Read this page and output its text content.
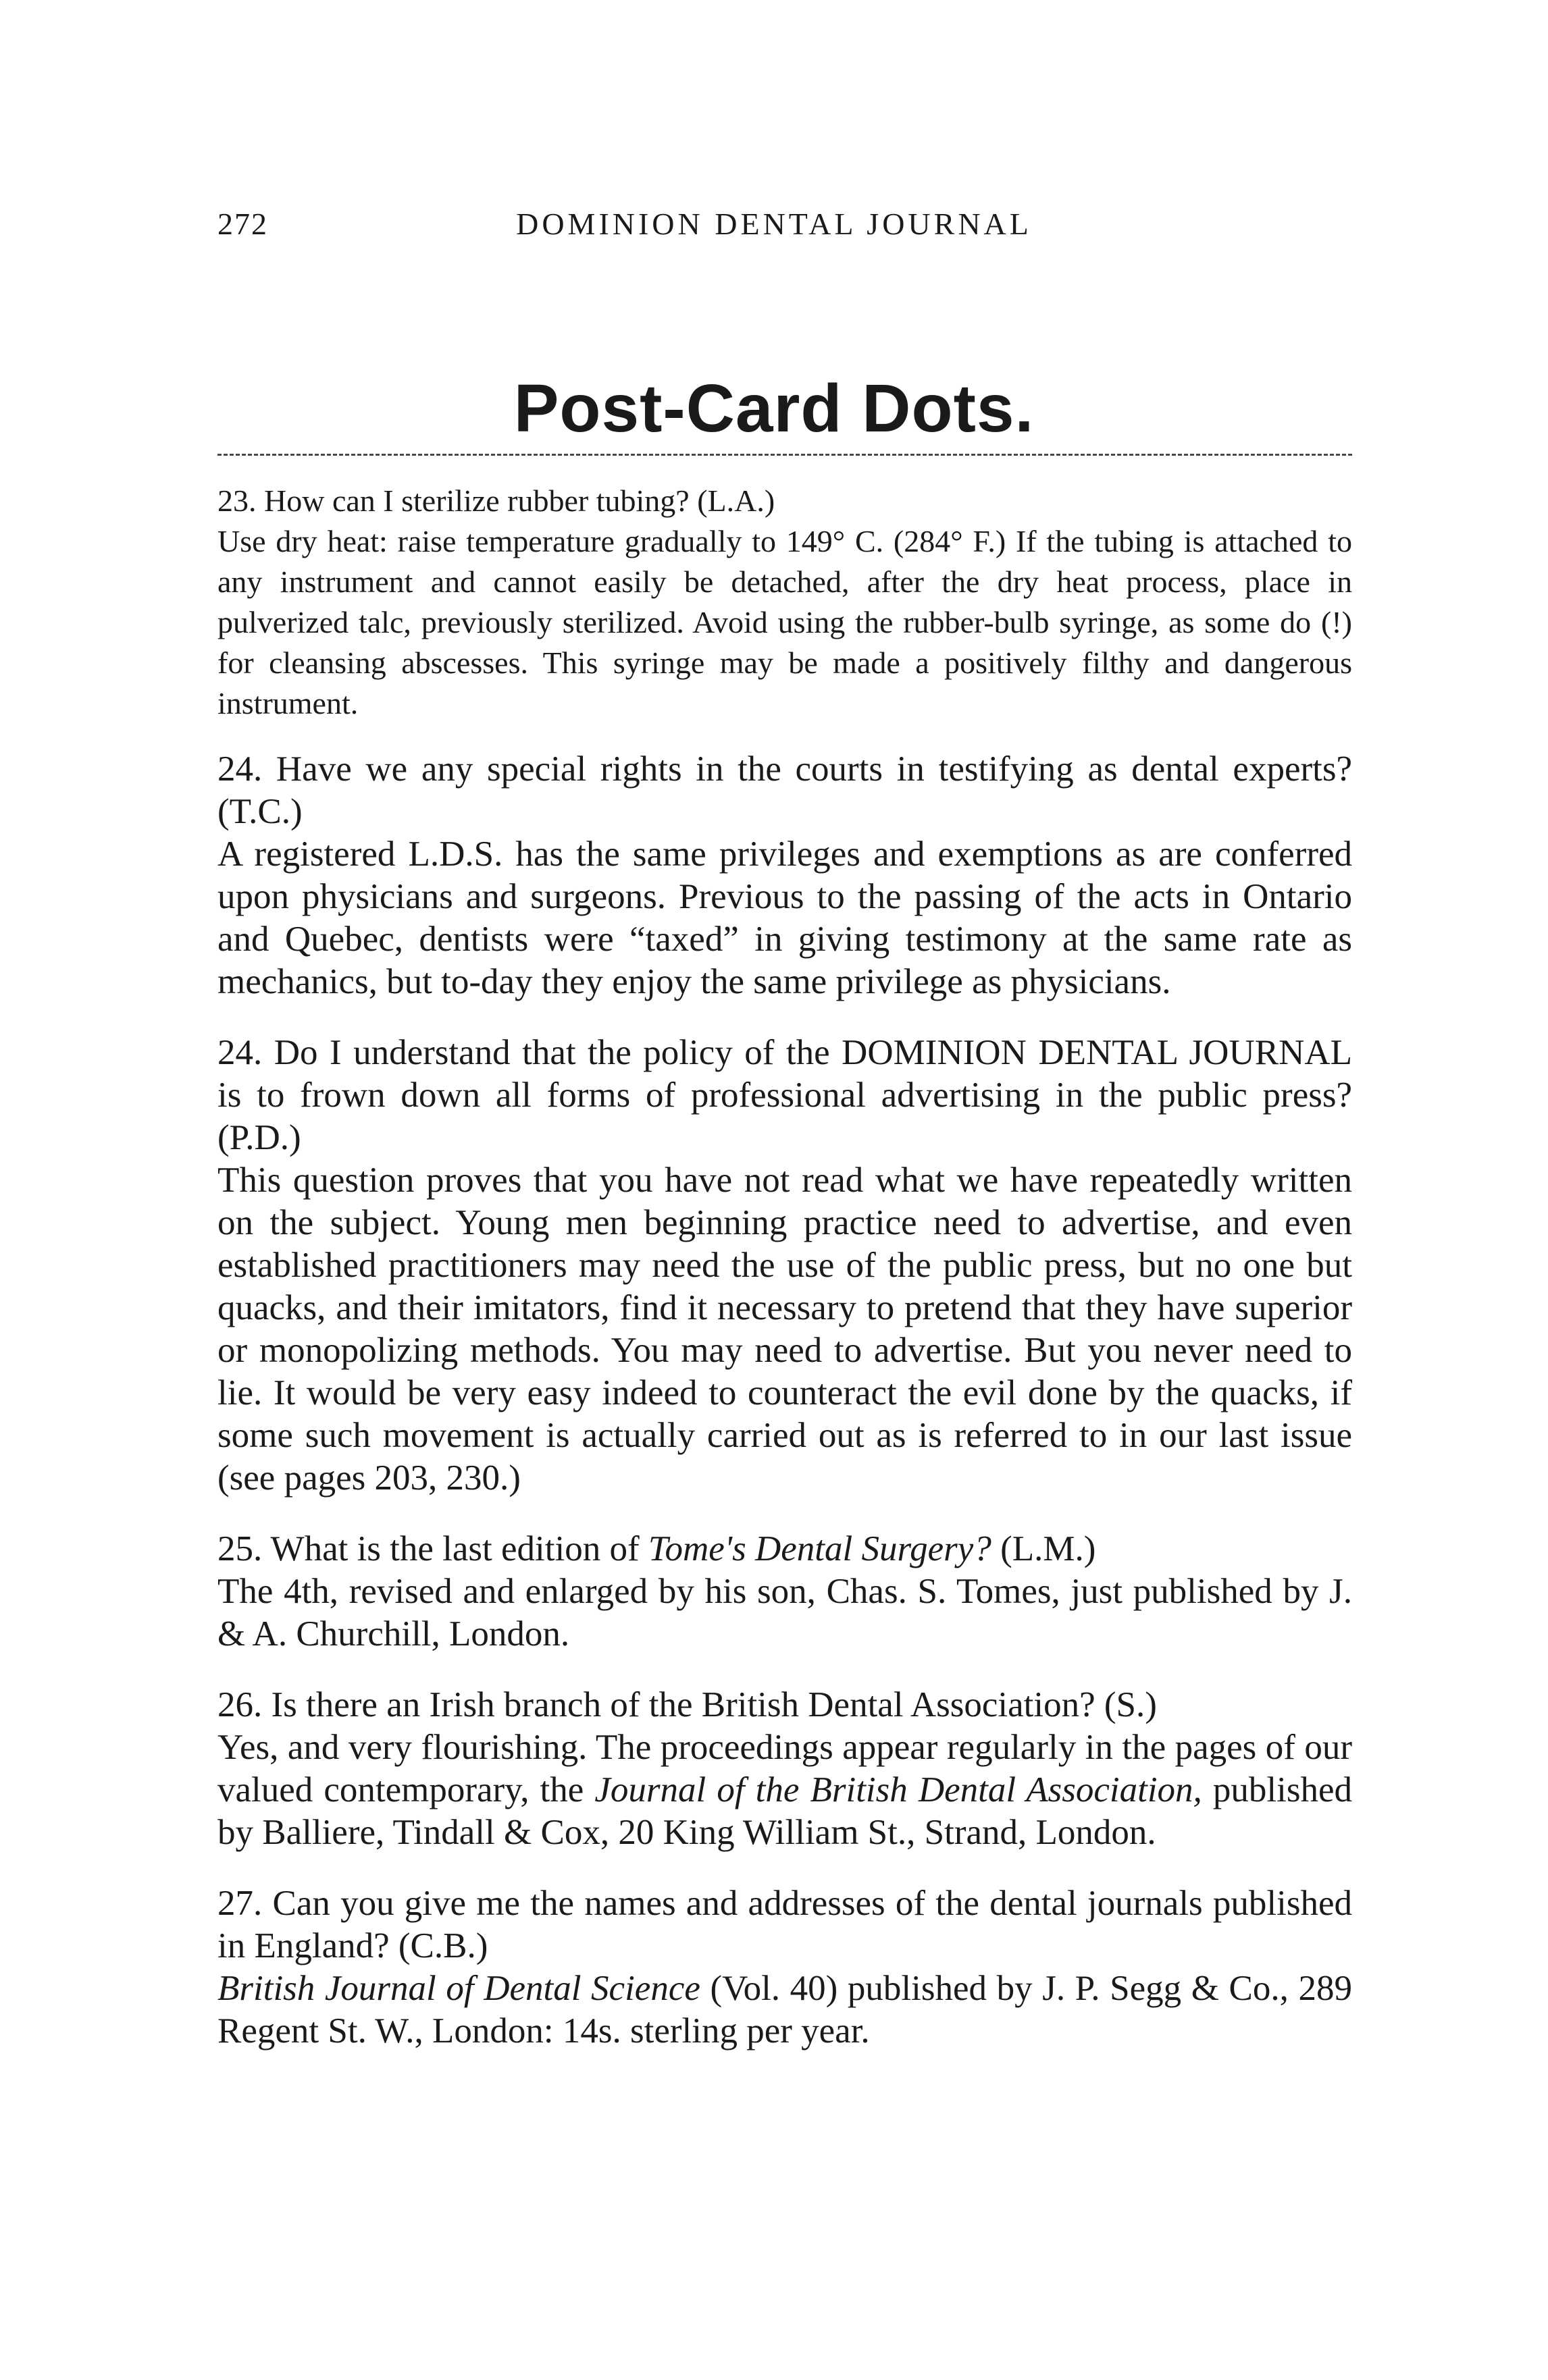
272	DOMINION DENTAL JOURNAL
Post-Card Dots.

23. How can I sterilize rubber tubing? (L.A.)

Use dry heat: raise temperature gradually to 149° C. (284° F.) If the tubing is attached to any instrument and cannot easily be detached, after the dry heat process, place in pulverized talc, previously sterilized. Avoid using the rubber-bulb syringe, as some do (!) for cleansing abscesses. This syringe may be made a positively filthy and dangerous instrument.

24. Have we any special rights in the courts in testifying as dental experts? (T.C.)

A registered L.D.S. has the same privileges and exemptions as are conferred upon physicians and surgeons. Previous to the passing of the acts in Ontario and Quebec, dentists were “taxed” in giving testimony at the same rate as mechanics, but to-day they enjoy the same privilege as physicians.

24. Do I understand that the policy of the DOMINION DENTAL JOURNAL is to frown down all forms of professional advertising in the public press? (P.D.)

This question proves that you have not read what we have repeatedly written on the subject. Young men beginning practice need to advertise, and even established practitioners may need the use of the public press, but no one but quacks, and their imitators, find it necessary to pretend that they have superior or monopolizing methods. You may need to advertise. But you never need to lie. It would be very easy indeed to counteract the evil done by the quacks, if some such movement is actually carried out as is referred to in our last issue (see pages 203, 230.)

25. What is the last edition of Tome's Dental Surgery? (L.M.)

The 4th, revised and enlarged by his son, Chas. S. Tomes, just published by J. & A. Churchill, London.

26. Is there an Irish branch of the British Dental Association? (S.)

Yes, and very flourishing. The proceedings appear regularly in the pages of our valued contemporary, the Journal of the British Dental Association, published by Balliere, Tindall & Cox, 20 King William St., Strand, London.

27. Can you give me the names and addresses of the dental journals published in England? (C.B.)

British Journal of Dental Science (Vol. 40) published by J. P. Segg & Co., 289 Regent St. W., London: 14s. sterling per year.
